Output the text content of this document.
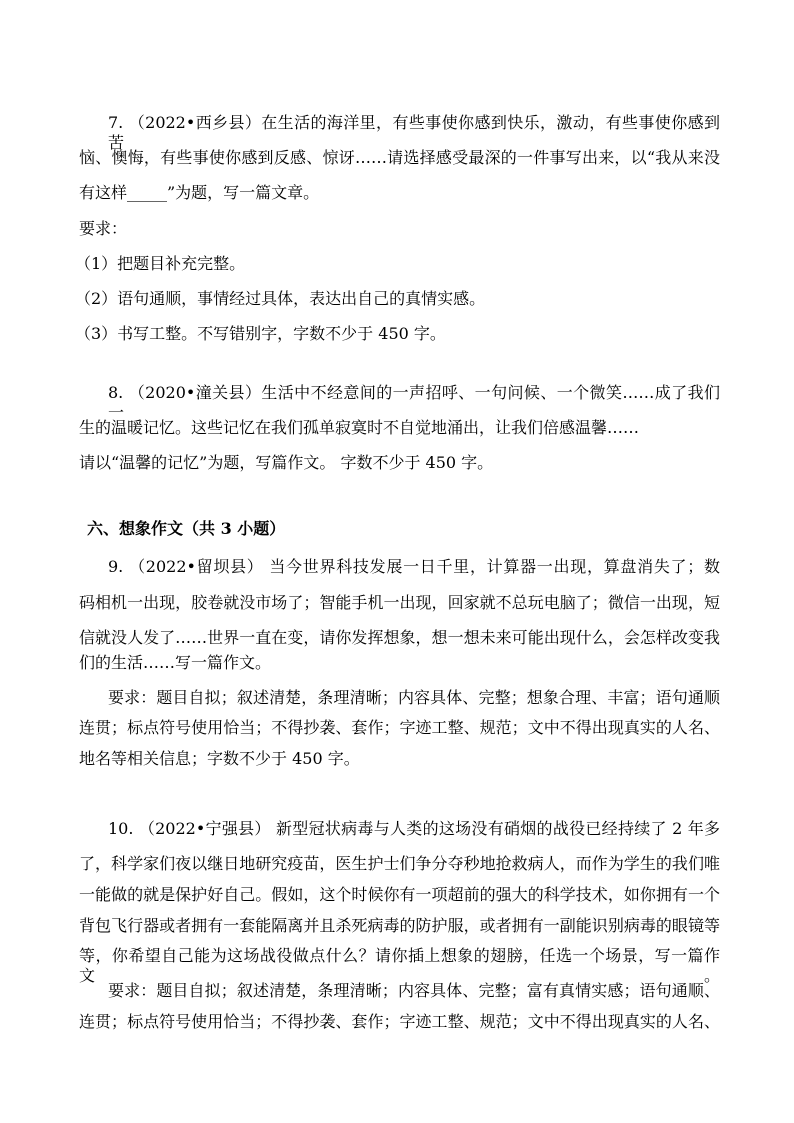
7. （2022•西乡县）在生活的海洋里，有些事使你感到快乐，激动，有些事使你感到苦
恼、懊悔，有些事使你感到反感、惊讶……请选择感受最深的一件事写出来，以“我从来没
有这样_____”为题，写一篇文章。
要求：
（1）把题目补充完整。
（2）语句通顺，事情经过具体，表达出自己的真情实感。
（3）书写工整。不写错别字，字数不少于 450 字。
8. （2020•潼关县）生活中不经意间的一声招呼、一句问候、一个微笑……成了我们一
生的温暖记忆。这些记忆在我们孤单寂寞时不自觉地涌出，让我们倍感温馨……
请以“温馨的记忆”为题，写篇作文。 字数不少于 450 字。
六、想象作文（共 3 小题）
9. （2022•留坝县） 当今世界科技发展一日千里，计算器一出现，算盘消失了；数
码相机一出现，胶卷就没市场了；智能手机一出现，回家就不总玩电脑了；微信一出现，短
信就没人发了……世界一直在变，请你发挥想象，想一想未来可能出现什么，会怎样改变我
们的生活……写一篇作文。
要求：题目自拟；叙述清楚，条理清晰；内容具体、完整；想象合理、丰富；语句通顺
连贯；标点符号使用恰当；不得抄袭、套作；字迹工整、规范；文中不得出现真实的人名、
地名等相关信息；字数不少于 450 字。
10. （2022•宁强县） 新型冠状病毒与人类的这场没有硝烟的战役已经持续了 2 年多
了，科学家们夜以继日地研究疫苗，医生护士们争分夺秒地抢救病人，而作为学生的我们唯
一能做的就是保护好自己。假如，这个时候你有一项超前的强大的科学技术，如你拥有一个
背包飞行器或者拥有一套能隔离并且杀死病毒的防护服，或者拥有一副能识别病毒的眼镜等
等，你希望自己能为这场战役做点什么？请你插上想象的翅膀，任选一个场景，写一篇作文。
要求：题目自拟；叙述清楚，条理清晰；内容具体、完整；富有真情实感；语句通顺、
连贯；标点符号使用恰当；不得抄袭、套作；字迹工整、规范；文中不得出现真实的人名、
